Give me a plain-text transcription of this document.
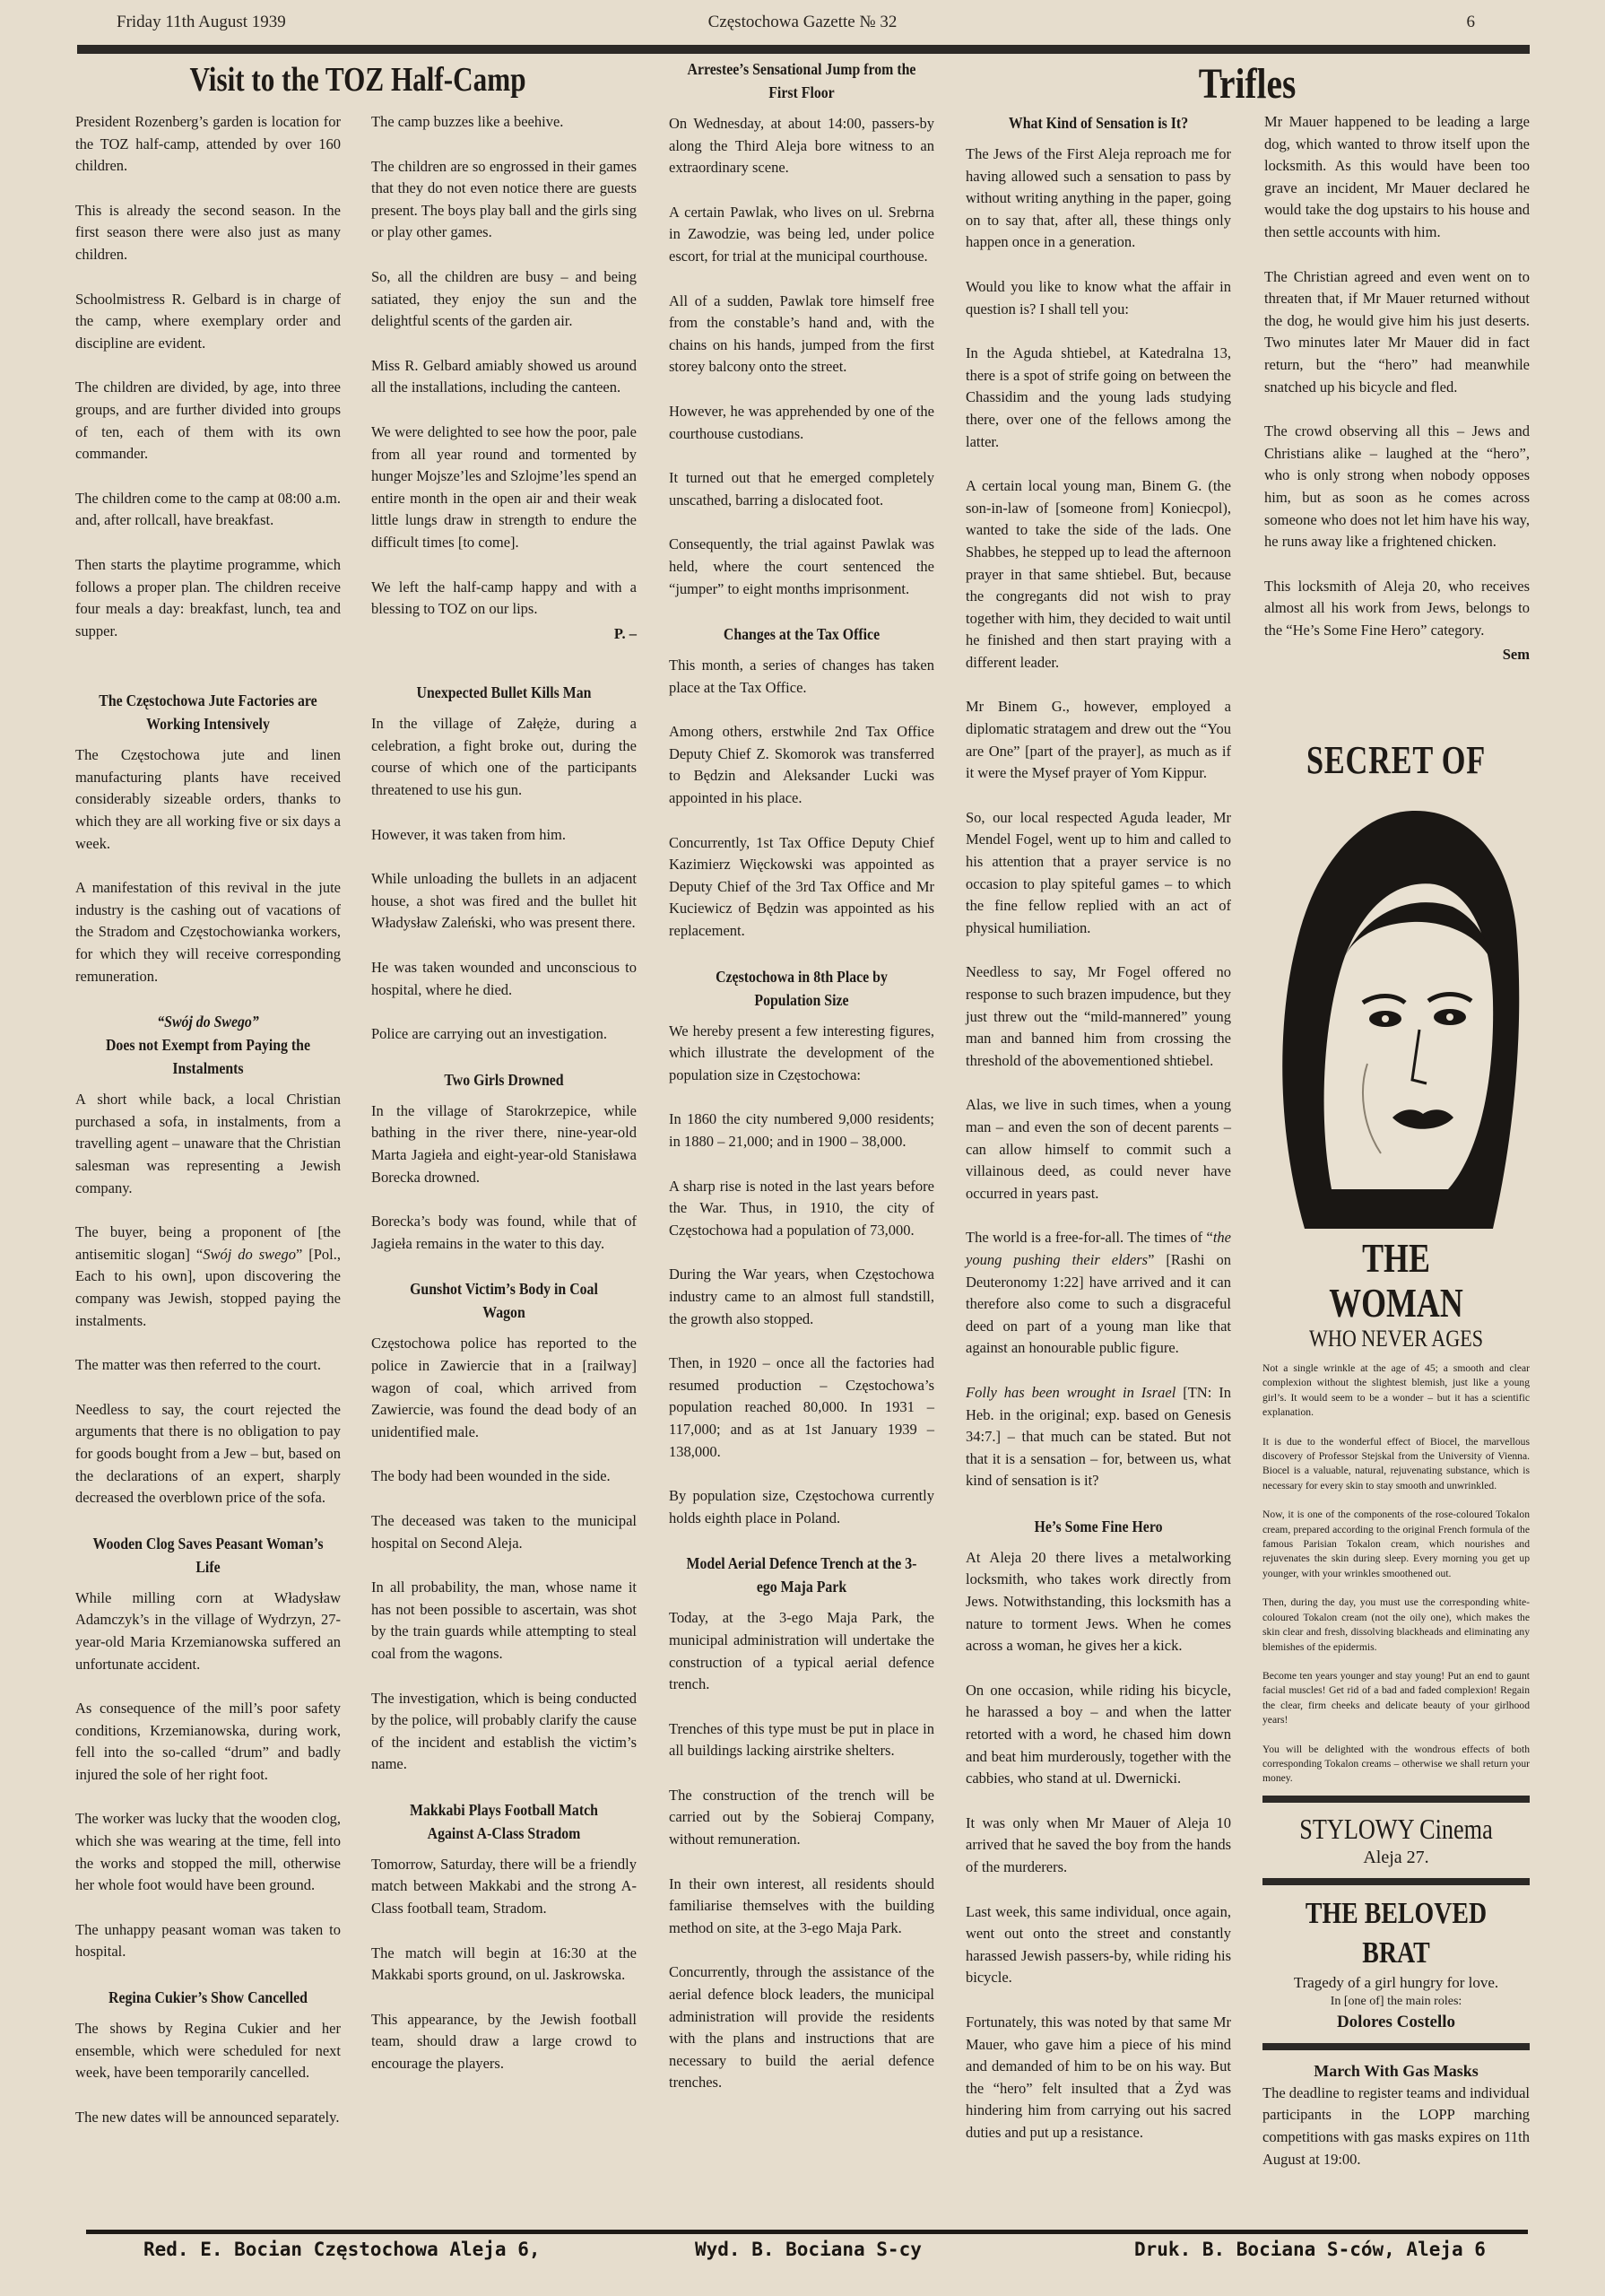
Friday 11th August 1939	Częstochowa Gazette № 32	6
Visit to the TOZ Half-Camp

President Rozenberg’s garden is location for the TOZ half-camp, attended by over 160 children.

This is already the second season. In the first season there were also just as many children.

Schoolmistress R. Gelbard is in charge of the camp, where exemplary order and discipline are evident.

The children are divided, by age, into three groups, and are further divided into groups of ten, each of them with its own commander.

The children come to the camp at 08:00 a.m. and, after rollcall, have breakfast.

Then starts the playtime programme, which follows a proper plan. The children receive four meals a day: breakfast, lunch, tea and supper.

The Częstochowa Jute Factories are Working Intensively

The Częstochowa jute and linen manufacturing plants have received considerably sizeable orders, thanks to which they are all working five or six days a week.

A manifestation of this revival in the jute industry is the cashing out of vacations of the Stradom and Częstochowianka workers, for which they will receive corresponding remuneration.

“Swój do Swego”
Does not Exempt from Paying the Instalments

A short while back, a local Christian purchased a sofa, in instalments, from a travelling agent – unaware that the Christian salesman was representing a Jewish company.

The buyer, being a proponent of [the antisemitic slogan] “Swój do swego” [Pol., Each to his own], upon discovering the company was Jewish, stopped paying the instalments.

The matter was then referred to the court.

Needless to say, the court rejected the arguments that there is no obligation to pay for goods bought from a Jew – but, based on the declarations of an expert, sharply decreased the overblown price of the sofa.

Wooden Clog Saves Peasant Woman’s Life

While milling corn at Władysław Adamczyk’s in the village of Wydrzyn, 27-year-old Maria Krzemianowska suffered an unfortunate accident.

As consequence of the mill’s poor safety conditions, Krzemianowska, during work, fell into the so-called “drum” and badly injured the sole of her right foot.

The worker was lucky that the wooden clog, which she was wearing at the time, fell into the works and stopped the mill, otherwise her whole foot would have been ground.

The unhappy peasant woman was taken to hospital.

Regina Cukier’s Show Cancelled

The shows by Regina Cukier and her ensemble, which were scheduled for next week, have been temporarily cancelled.

The new dates will be announced separately.

The camp buzzes like a beehive.

The children are so engrossed in their games that they do not even notice there are guests present. The boys play ball and the girls sing or play other games.

So, all the children are busy – and being satiated, they enjoy the sun and the delightful scents of the garden air.

Miss R. Gelbard amiably showed us around all the installations, including the canteen.

We were delighted to see how the poor, pale from all year round and tormented by hunger Mojsze’les and Szlojme’les spend an entire month in the open air and their weak little lungs draw in strength to endure the difficult times [to come].

We left the half-camp happy and with a blessing to TOZ on our lips.

P. –
Unexpected Bullet Kills Man

In the village of Załęże, during a celebration, a fight broke out, during the course of which one of the participants threatened to use his gun.

However, it was taken from him.

While unloading the bullets in an adjacent house, a shot was fired and the bullet hit Władysław Zaleński, who was present there.

He was taken wounded and unconscious to hospital, where he died.

Police are carrying out an investigation.

Two Girls Drowned

In the village of Starokrzepice, while bathing in the river there, nine-year-old Marta Jagieła and eight-year-old Stanisława Borecka drowned.

Borecka’s body was found, while that of Jagieła remains in the water to this day.

Gunshot Victim’s Body in Coal Wagon

Częstochowa police has reported to the police in Zawiercie that in a [railway] wagon of coal, which arrived from Zawiercie, was found the dead body of an unidentified male.

The body had been wounded in the side.

The deceased was taken to the municipal hospital on Second Aleja.

In all probability, the man, whose name it has not been possible to ascertain, was shot by the train guards while attempting to steal coal from the wagons.

The investigation, which is being conducted by the police, will probably clarify the cause of the incident and establish the victim’s name.

Makkabi Plays Football Match Against A-Class Stradom

Tomorrow, Saturday, there will be a friendly match between Makkabi and the strong A-Class football team, Stradom.

The match will begin at 16:30 at the Makkabi sports ground, on ul. Jaskrowska.

This appearance, by the Jewish football team, should draw a large crowd to encourage the players.

Arrestee’s Sensational Jump from the First Floor

On Wednesday, at about 14:00, passers-by along the Third Aleja bore witness to an extraordinary scene.

A certain Pawlak, who lives on ul. Srebrna in Zawodzie, was being led, under police escort, for trial at the municipal courthouse.

All of a sudden, Pawlak tore himself free from the constable’s hand and, with the chains on his hands, jumped from the first storey balcony onto the street.

However, he was apprehended by one of the courthouse custodians.

It turned out that he emerged completely unscathed, barring a dislocated foot.

Consequently, the trial against Pawlak was held, where the court sentenced the “jumper” to eight months imprisonment.

Changes at the Tax Office

This month, a series of changes has taken place at the Tax Office.

Among others, erstwhile 2nd Tax Office Deputy Chief Z. Skomorok was transferred to Będzin and Aleksander Lucki was appointed in his place.

Concurrently, 1st Tax Office Deputy Chief Kazimierz Więckowski was appointed as Deputy Chief of the 3rd Tax Office and Mr Kuciewicz of Będzin was appointed as his replacement.

Częstochowa in 8th Place by Population Size

We hereby present a few interesting figures, which illustrate the development of the population size in Częstochowa:

In 1860 the city numbered 9,000 residents; in 1880 – 21,000; and in 1900 – 38,000.

A sharp rise is noted in the last years before the War. Thus, in 1910, the city of Częstochowa had a population of 73,000.

During the War years, when Częstochowa industry came to an almost full standstill, the growth also stopped.

Then, in 1920 – once all the factories had resumed production – Częstochowa’s population reached 80,000. In 1931 – 117,000; and as at 1st January 1939 – 138,000.

By population size, Częstochowa currently holds eighth place in Poland.

Model Aerial Defence Trench at the 3-ego Maja Park

Today, at the 3-ego Maja Park, the municipal administration will undertake the construction of a typical aerial defence trench.

Trenches of this type must be put in place in all buildings lacking airstrike shelters.

The construction of the trench will be carried out by the Sobieraj Company, without remuneration.

In their own interest, all residents should familiarise themselves with the building method on site, at the 3-ego Maja Park.

Concurrently, through the assistance of the aerial defence block leaders, the municipal administration will provide the residents with the plans and instructions that are necessary to build the aerial defence trenches.

Trifles
What Kind of Sensation is It?

The Jews of the First Aleja reproach me for having allowed such a sensation to pass by without writing anything in the paper, going on to say that, after all, these things only happen once in a generation.

Would you like to know what the affair in question is? I shall tell you:

In the Aguda shtiebel, at Katedralna 13, there is a spot of strife going on between the Chassidim and the young lads studying there, over one of the fellows among the latter.

A certain local young man, Binem G. (the son-in-law of [someone from] Koniecpol), wanted to take the side of the lads. One Shabbes, he stepped up to lead the afternoon prayer in that same shtiebel. But, because the congregants did not wish to pray together with him, they decided to wait until he finished and then start praying with a different leader.

Mr Binem G., however, employed a diplomatic stratagem and drew out the “You are One” [part of the prayer], as much as if it were the Mysef prayer of Yom Kippur.

So, our local respected Aguda leader, Mr Mendel Fogel, went up to him and called to his attention that a prayer service is no occasion to play spiteful games – to which the fine fellow replied with an act of physical humiliation.

Needless to say, Mr Fogel offered no response to such brazen impudence, but they just threw out the “mild-mannered” young man and banned him from crossing the threshold of the abovementioned shtiebel.

Alas, we live in such times, when a young man – and even the son of decent parents – can allow himself to commit such a villainous deed, as could never have occurred in years past.

The world is a free-for-all. The times of “the young pushing their elders” [Rashi on Deuteronomy 1:22] have arrived and it can therefore also come to such a disgraceful deed on part of a young man like that against an honourable public figure.

Folly has been wrought in Israel [TN: In Heb. in the original; exp. based on Genesis 34:7.] – that much can be stated. But not that it is a sensation – for, between us, what kind of sensation is it?

He’s Some Fine Hero

At Aleja 20 there lives a metalworking locksmith, who takes work directly from Jews. Notwithstanding, this locksmith has a nature to torment Jews. When he comes across a woman, he gives her a kick.

On one occasion, while riding his bicycle, he harassed a boy – and when the latter retorted with a word, he chased him down and beat him murderously, together with the cabbies, who stand at ul. Dwernicki.

It was only when Mr Mauer of Aleja 10 arrived that he saved the boy from the hands of the murderers.

Last week, this same individual, once again, went out onto the street and constantly harassed Jewish passers-by, while riding his bicycle.

Fortunately, this was noted by that same Mr Mauer, who gave him a piece of his mind and demanded of him to be on his way. But the “hero” felt insulted that a Żyd was hindering him from carrying out his sacred duties and put up a resistance.

Mr Mauer happened to be leading a large dog, which wanted to throw itself upon the locksmith. As this would have been too grave an incident, Mr Mauer declared he would take the dog upstairs to his house and then settle accounts with him.

The Christian agreed and even went on to threaten that, if Mr Mauer returned without the dog, he would give him his just deserts. Two minutes later Mr Mauer did in fact return, but the “hero” had meanwhile snatched up his bicycle and fled.

The crowd observing all this – Jews and Christians alike – laughed at the “hero”, who is only strong when nobody opposes him, but as soon as he comes across someone who does not let him have his way, he runs away like a frightened chicken.

This locksmith of Aleja 20, who receives almost all his work from Jews, belongs to the “He’s Some Fine Hero” category.

Sem
SECRET OF
THE WOMAN
WHO NEVER AGES

Not a single wrinkle at the age of 45; a smooth and clear complexion without the slightest blemish, just like a young girl’s. It would seem to be a wonder – but it has a scientific explanation.

It is due to the wonderful effect of Biocel, the marvellous discovery of Professor Stejskal from the University of Vienna. Biocel is a valuable, natural, rejuvenating substance, which is necessary for every skin to stay smooth and unwrinkled.

Now, it is one of the components of the rose-coloured Tokalon cream, prepared according to the original French formula of the famous Parisian Tokalon cream, which nourishes and rejuvenates the skin during sleep. Every morning you get up younger, with your wrinkles smoothened out.

Then, during the day, you must use the corresponding white-coloured Tokalon cream (not the oily one), which makes the skin clear and fresh, dissolving blackheads and eliminating any blemishes of the epidermis.

Become ten years younger and stay young! Put an end to gaunt facial muscles! Get rid of a bad and faded complexion! Regain the clear, firm cheeks and delicate beauty of your girlhood years!

You will be delighted with the wondrous effects of both corresponding Tokalon creams – otherwise we shall return your money.

STYLOWY Cinema
Aleja 27.
THE BELOVED BRAT
Tragedy of a girl hungry for love.
In [one of] the main roles:
Dolores Costello
March With Gas Masks
The deadline to register teams and individual participants in the LOPP marching competitions with gas masks expires on 11th August at 19:00.
Red. E. Bocian Częstochowa Aleja 6,	Wyd. B. Bociana S-cy	Druk. B. Bociana S-ców, Aleja 6
